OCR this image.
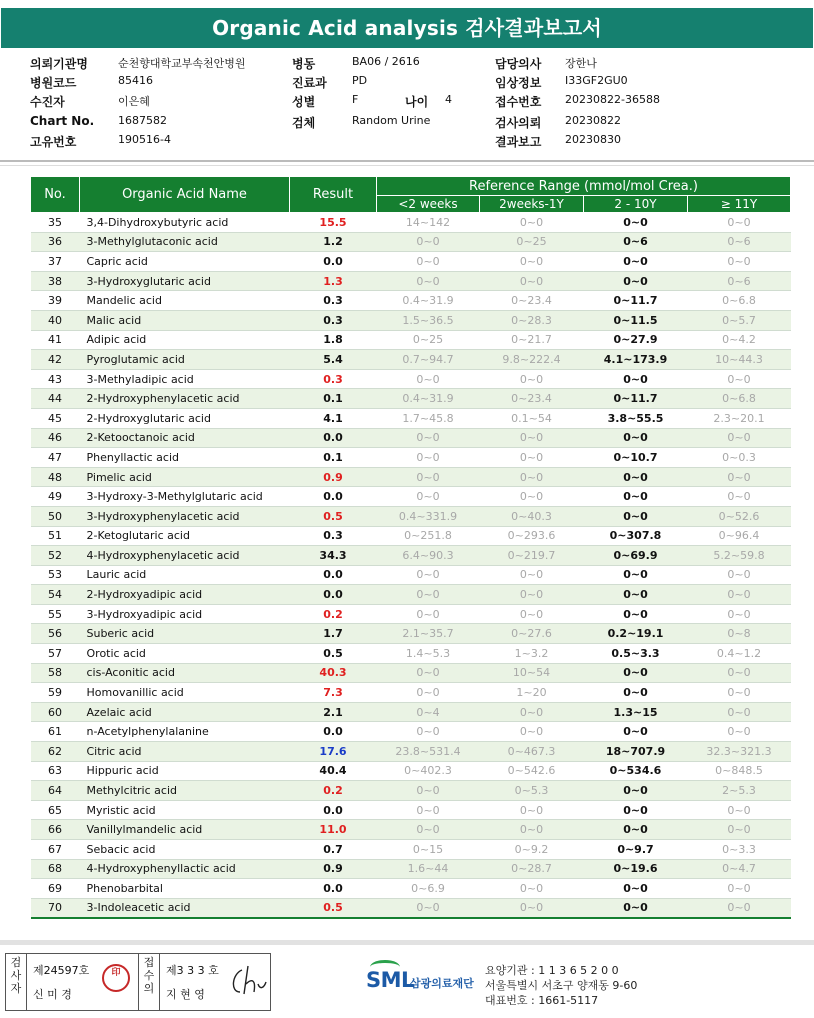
Organic Acid analysis 검사결과보고서
의뢰기관명	순천향대학교부속천안병원	병동	BA06 / 2616	담당의사 장한나
병원코드	85416	진료과 PD	임상정보 I33GF2GU0
수진자	이은혜	성별	F	나이 4	접수번호 20230822-36588
Chart No. 1687582	검체	Random Urine	검사의뢰 20230822
고유번호	190516-4	결과보고 20230830
No.	Organic Acid Name	Result	Reference Range (mmol/mol Crea.)			
			<2 weeks	2weeks-1Y	2 - 10Y	≥ 11Y
35	3,4-Dihydroxybutyric acid	15.5	14~142	0~0	0~0	0~0
36	3-Methylglutaconic acid	1.2	0~0	0~25	0~6	0~6
37	Capric acid	0.0	0~0	0~0	0~0	0~0
38	3-Hydroxyglutaric acid	1.3	0~0	0~0	0~0	0~6
39	Mandelic acid	0.3	0.4~31.9	0~23.4	0~11.7	0~6.8
40	Malic acid	0.3	1.5~36.5	0~28.3	0~11.5	0~5.7
41	Adipic acid	1.8	0~25	0~21.7	0~27.9	0~4.2
42	Pyroglutamic acid	5.4	0.7~94.7	9.8~222.4	4.1~173.9	10~44.3
43	3-Methyladipic acid	0.3	0~0	0~0	0~0	0~0
44	2-Hydroxyphenylacetic acid	0.1	0.4~31.9	0~23.4	0~11.7	0~6.8
45	2-Hydroxyglutaric acid	4.1	1.7~45.8	0.1~54	3.8~55.5	2.3~20.1
46	2-Ketooctanoic acid	0.0	0~0	0~0	0~0	0~0
47	Phenyllactic acid	0.1	0~0	0~0	0~10.7	0~0.3
48	Pimelic acid	0.9	0~0	0~0	0~0	0~0
49	3-Hydroxy-3-Methylglutaric acid	0.0	0~0	0~0	0~0	0~0
50	3-Hydroxyphenylacetic acid	0.5	0.4~331.9	0~40.3	0~0	0~52.6
51	2-Ketoglutaric acid	0.3	0~251.8	0~293.6	0~307.8	0~96.4
52	4-Hydroxyphenylacetic acid	34.3	6.4~90.3	0~219.7	0~69.9	5.2~59.8
53	Lauric acid	0.0	0~0	0~0	0~0	0~0
54	2-Hydroxyadipic acid	0.0	0~0	0~0	0~0	0~0
55	3-Hydroxyadipic acid	0.2	0~0	0~0	0~0	0~0
56	Suberic acid	1.7	2.1~35.7	0~27.6	0.2~19.1	0~8
57	Orotic acid	0.5	1.4~5.3	1~3.2	0.5~3.3	0.4~1.2
58	cis-Aconitic acid	40.3	0~0	10~54	0~0	0~0
59	Homovanillic acid	7.3	0~0	1~20	0~0	0~0
60	Azelaic acid	2.1	0~4	0~0	1.3~15	0~0
61	n-Acetylphenylalanine	0.0	0~0	0~0	0~0	0~0
62	Citric acid	17.6	23.8~531.4	0~467.3	18~707.9	32.3~321.3
63	Hippuric acid	40.4	0~402.3	0~542.6	0~534.6	0~848.5
64	Methylcitric acid	0.2	0~0	0~5.3	0~0	2~5.3
65	Myristic acid	0.0	0~0	0~0	0~0	0~0
66	Vanillylmandelic acid	11.0	0~0	0~0	0~0	0~0
67	Sebacic acid	0.7	0~15	0~9.2	0~9.7	0~3.3
68	4-Hydroxyphenyllactic acid	0.9	1.6~44	0~28.7	0~19.6	0~4.7
69	Phenobarbital	0.0	0~6.9	0~0	0~0	0~0
70	3-Indoleacetic acid	0.5	0~0	0~0	0~0	0~0
검사자
제24597호
신 미 경
印
접수의
제3 3 3 호
지 현 영
SML
삼광의료재단
요양기관 : 1 1 3 6 5 2 0 0
서울특별시 서초구 양재동 9-60
대표번호 : 1661-5117
